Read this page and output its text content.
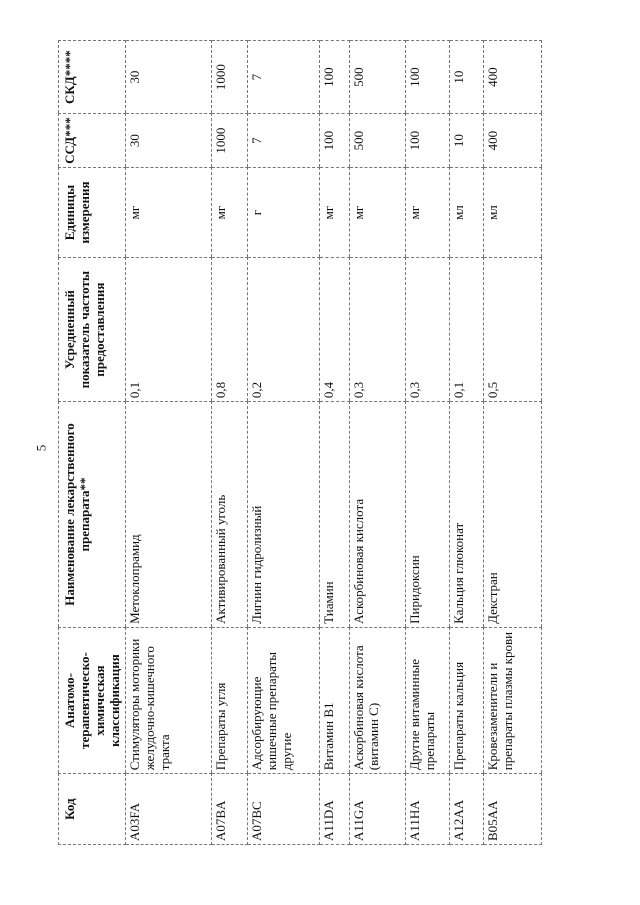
5
Код	Анатомо-терапевтическо-химическая классификация	Наименование лекарственного препарата**	Усредненный показатель частоты предоставления	Единицы измерения	ССД***	СКД****
A03FA	Стимуляторы моторики желудочно-кишечного тракта	Метоклопрамид	0,1	мг	30	30
A07BA	Препараты угля	Активированный уголь	0,8	мг	1000	1000
A07BC	Адсорбирующие кишечные препараты другие	Лигнин гидролизный	0,2	г	7	7
A11DA	Витамин B1	Тиамин	0,4	мг	100	100
A11GA	Аскорбиновая кислота (витамин С)	Аскорбиновая кислота	0,3	мг	500	500
A11HA	Другие витаминные препараты	Пиридоксин	0,3	мг	100	100
A12AA	Препараты кальция	Кальция глюконат	0,1	мл	10	10
B05AA	Кровезаменители и препараты плазмы крови	Декстран	0,5	мл	400	400
